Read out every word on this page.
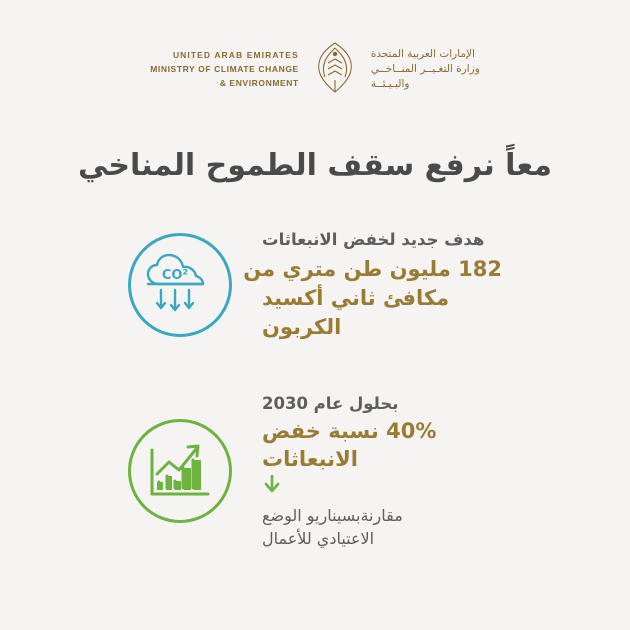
UNITED ARAB EMIRATES
MINISTRY OF CLIMATE CHANGE
& ENVIRONMENT
الإمارات العربية المتحدة
وزارة التغـيــر المنــاخــي
والبـيـئــة
معاً نرفع سقف الطموح المناخي
هدف جديد لخفض الانبعاثات
182 مليون طن متري من
مكافئ ثاني أكسيد
الكربون
CO²
بحلول عام 2030
40% نسبة خفض
الانبعاثات
مقارنةبسيناريو الوضع
الاعتيادي للأعمال
